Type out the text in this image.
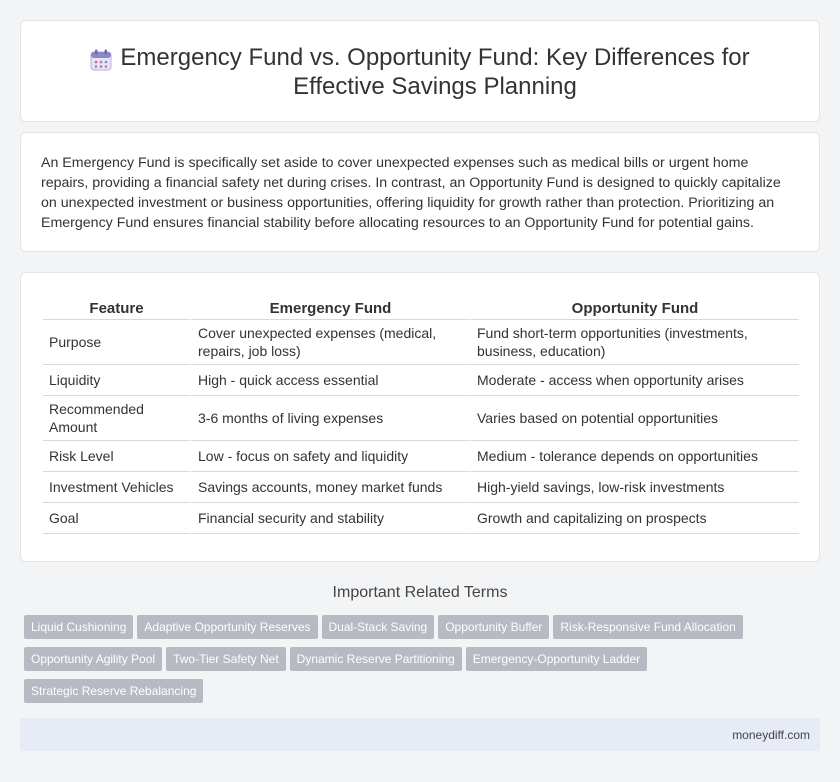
Emergency Fund vs. Opportunity Fund: Key Differences for Effective Savings Planning

An Emergency Fund is specifically set aside to cover unexpected expenses such as medical bills or urgent home repairs, providing a financial safety net during crises. In contrast, an Opportunity Fund is designed to quickly capitalize on unexpected investment or business opportunities, offering liquidity for growth rather than protection. Prioritizing an Emergency Fund ensures financial stability before allocating resources to an Opportunity Fund for potential gains.

Feature	Emergency Fund	Opportunity Fund
Purpose	Cover unexpected expenses (medical, repairs, job loss)	Fund short-term opportunities (investments, business, education)
Liquidity	High - quick access essential	Moderate - access when opportunity arises
Recommended Amount	3-6 months of living expenses	Varies based on potential opportunities
Risk Level	Low - focus on safety and liquidity	Medium - tolerance depends on opportunities
Investment Vehicles	Savings accounts, money market funds	High-yield savings, low-risk investments
Goal	Financial security and stability	Growth and capitalizing on prospects
Important Related Terms
Liquid Cushioning	Adaptive Opportunity Reserves	Dual-Stack Saving	Opportunity Buffer	Risk-Responsive Fund Allocation
Opportunity Agility Pool	Two-Tier Safety Net	Dynamic Reserve Partitioning	Emergency-Opportunity Ladder
Strategic Reserve Rebalancing
moneydiff.com
